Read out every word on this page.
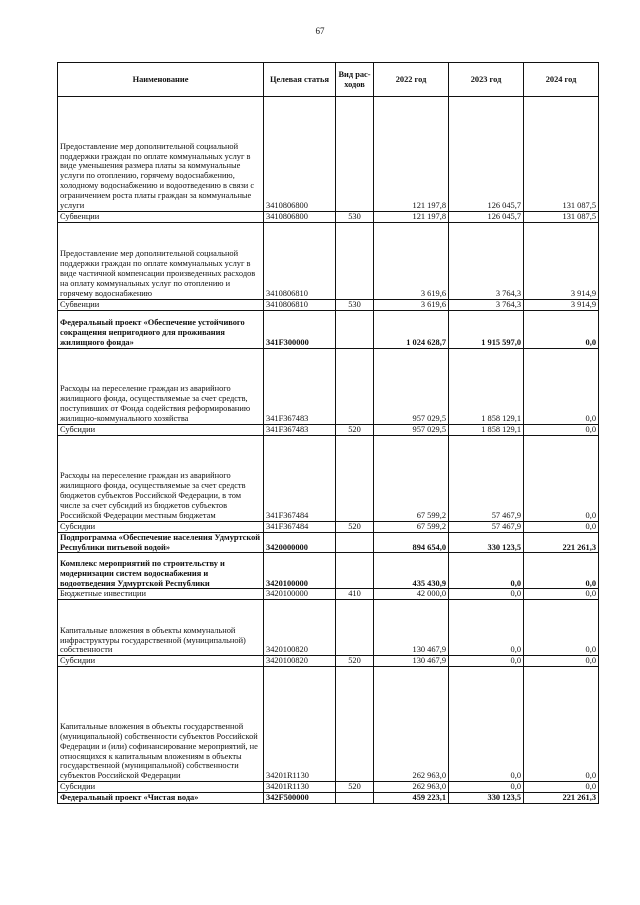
67
Наименование	Целевая статья	Вид рас-ходов	2022 год	2023 год	2024 год
Предоставление мер дополнительной социальной поддержки граждан по оплате коммунальных услуг в виде уменьшения размера платы за коммунальные услуги по отоплению, горячему водоснабжению, холодному водоснабжению и водоотведению в связи с ограничением роста платы граждан за коммунальные услуги	3410806800		121 197,8	126 045,7	131 087,5
Субвенции	3410806800	530	121 197,8	126 045,7	131 087,5
Предоставление мер дополнительной социальной поддержки граждан по оплате коммунальных услуг в виде частичной компенсации произведенных расходов на оплату коммунальных услуг по отоплению и горячему водоснабжению	3410806810		3 619,6	3 764,3	3 914,9
Субвенции	3410806810	530	3 619,6	3 764,3	3 914,9
Федеральный проект «Обеспечение устойчивого сокращения непригодного для проживания жилищного фонда»	341F300000		1 024 628,7	1 915 597,0	0,0
Расходы на переселение граждан из аварийного жилищного фонда, осуществляемые за счет средств, поступивших от Фонда содействия реформированию жилищно-коммунального хозяйства	341F367483		957 029,5	1 858 129,1	0,0
Субсидии	341F367483	520	957 029,5	1 858 129,1	0,0
Расходы на переселение граждан из аварийного жилищного фонда, осуществляемые за счет средств бюджетов субъектов Российской Федерации, в том числе за счет субсидий из бюджетов субъектов Российской Федерации местным бюджетам	341F367484		67 599,2	57 467,9	0,0
Субсидии	341F367484	520	67 599,2	57 467,9	0,0
Подпрограмма «Обеспечение населения Удмуртской Республики питьевой водой»	3420000000		894 654,0	330 123,5	221 261,3
Комплекс мероприятий по строительству и модернизации систем водоснабжения и водоотведения Удмуртской Республики	3420100000		435 430,9	0,0	0,0
Бюджетные инвестиции	3420100000	410	42 000,0	0,0	0,0
Капитальные вложения в объекты коммунальной инфраструктуры государственной (муниципальной) собственности	3420100820		130 467,9	0,0	0,0
Субсидии	3420100820	520	130 467,9	0,0	0,0
Капитальные вложения в объекты государственной (муниципальной) собственности субъектов Российской Федерации и (или) софинансирование мероприятий, не относящихся к капитальным вложениям в объекты государственной (муниципальной) собственности субъектов Российской Федерации	34201R1130		262 963,0	0,0	0,0
Субсидии	34201R1130	520	262 963,0	0,0	0,0
Федеральный проект «Чистая вода»	342F500000		459 223,1	330 123,5	221 261,3
